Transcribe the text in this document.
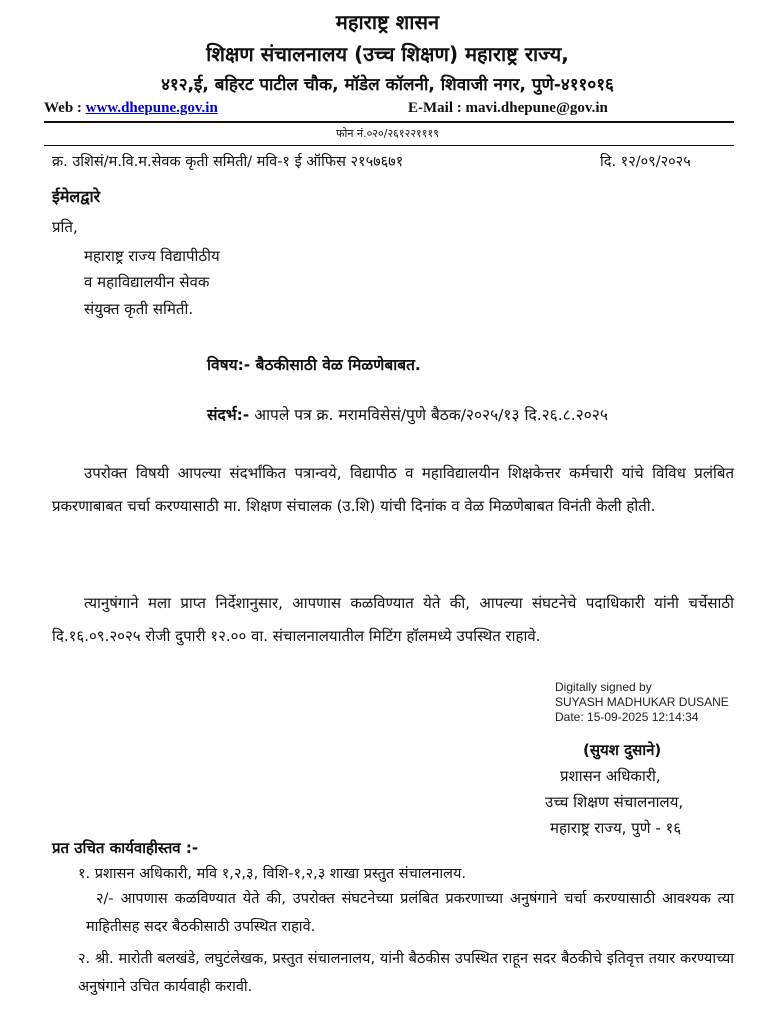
महाराष्ट्र शासन
शिक्षण संचालनालय (उच्च शिक्षण) महाराष्ट्र राज्य,
४१२,ई, बहिरट पाटील चौक, मॉडेल कॉलनी, शिवाजी नगर, पुणे-४११०१६
Web : www.dhepune.gov.in	E-Mail : mavi.dhepune@gov.in
फोन नं.०२०/२६१२२१११९
क्र. उशिसं/म.वि.म.सेवक कृती समिती/ मवि-१ ई ऑफिस २१५७६७१	दि. १२/०९/२०२५
ईमेलद्वारे
प्रति,
महाराष्ट्र राज्य विद्यापीठीय
व महाविद्यालयीन सेवक
संयुक्त कृती समिती.
विषय:- बैठकीसाठी वेळ मिळणेबाबत.
संदर्भ:- आपले पत्र क्र. मरामविसेसं/पुणे बैठक/२०२५/१३ दि.२६.८.२०२५
उपरोक्त विषयी आपल्या संदर्भांकित पत्रान्वये, विद्यापीठ व महाविद्यालयीन शिक्षकेत्तर कर्मचारी यांचे विविध प्रलंबित प्रकरणाबाबत चर्चा करण्यासाठी मा. शिक्षण संचालक (उ.शि) यांची दिनांक व वेळ मिळणेबाबत विनंती केली होती.
त्यानुषंगाने मला प्राप्त निर्देशानुसार, आपणास कळविण्यात येते की, आपल्या संघटनेचे पदाधिकारी यांनी चर्चेसाठी दि.१६.०९.२०२५ रोजी दुपारी १२.०० वा. संचालनालयातील मिटिंग हॉलमध्ये उपस्थित राहावे.
Digitally signed by
SUYASH MADHUKAR DUSANE
Date: 15-09-2025 12:14:34
(सुयश दुसाने)
प्रशासन अधिकारी,
उच्च शिक्षण संचालनालय,
महाराष्ट्र राज्य, पुणे - १६
प्रत उचित कार्यवाहीस्तव :-
१. प्रशासन अधिकारी, मवि १,२,३, विशि-१,२,३ शाखा प्रस्तुत संचालनालय.
२/- आपणास कळविण्यात येते की, उपरोक्त संघटनेच्या प्रलंबित प्रकरणाच्या अनुषंगाने चर्चा करण्यासाठी आवश्यक त्या माहितीसह सदर बैठकीसाठी उपस्थित राहावे.
२. श्री. मारोती बलखंडे, लघुटंलेखक, प्रस्तुत संचालनालय, यांनी बैठकीस उपस्थित राहून सदर बैठकीचे इतिवृत्त तयार करण्याच्या अनुषंगाने उचित कार्यवाही करावी.
